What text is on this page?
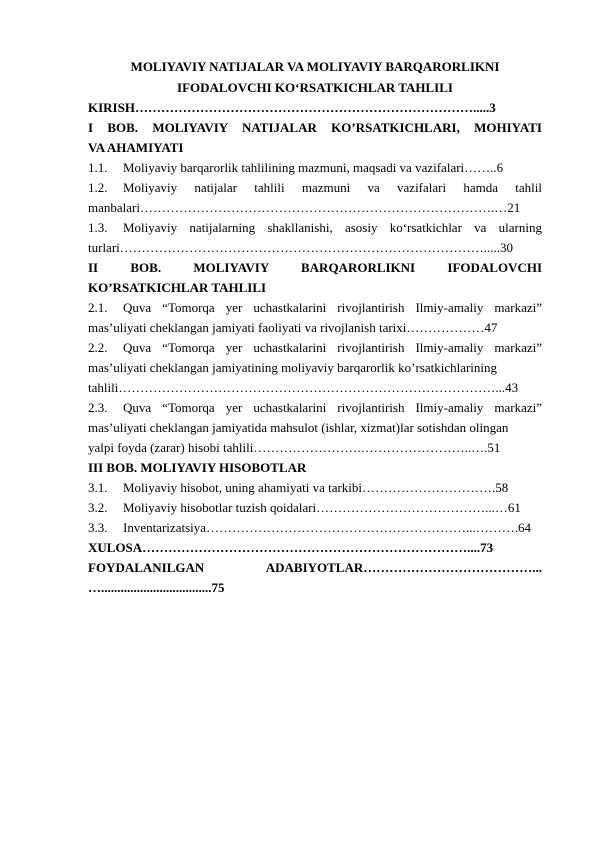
MOLIYAVIY NATIJALAR VA MOLIYAVIY BARQARORLIKNI
IFODALOVCHI KO‘RSATKICHLAR TAHLILI
KIRISH…………………………………………………………………….....3
I BOB. MOLIYAVIY NATIJALAR KO’RSATKICHLARI, MOHIYATI
VA AHAMIYATI
1.1. Moliyaviy barqarorlik tahlilining mazmuni, maqsadi va vazifalari……..6
1.2. Moliyaviy natijalar tahlili mazmuni va vazifalari hamda tahlil
manbalari……………………………………………………………………….…21
1.3. Moliyaviy natijalarning shakllanishi, asosiy ko‘rsatkichlar va ularning
turlari………………………………………………………………………….....30
II BOB. MOLIYAVIY BARQARORLIKNI IFODALOVCHI
KO’RSATKICHLAR TAHLILI
2.1. Quva “Tomorqa yer uchastkalarini rivojlantirish Ilmiy-amaliy markazi”
mas’uliyati cheklangan jamiyati faoliyati va rivojlanish tarixi………………47
2.2. Quva “Tomorqa yer uchastkalarini rivojlantirish Ilmiy-amaliy markazi”
mas’uliyati cheklangan jamiyatining moliyaviy barqarorlik ko’rsatkichlarining
tahlili……………………………………………………………………………...43
2.3. Quva “Tomorqa yer uchastkalarini rivojlantirish Ilmiy-amaliy markazi”
mas’uliyati cheklangan jamiyatida mahsulot (ishlar, xizmat)lar sotishdan olingan
yalpi foyda (zarar) hisobi tahlili…………………….……………………..….51
III BOB. MOLIYAVIY HISOBOTLAR
3.1. Moliyaviy hisobot, uning ahamiyati va tarkibi………………………….58
3.2. Moliyaviy hisobotlar tuzish qoidalari…………………………………...…61
3.3. Inventarizatsiya……………………………………………………...……….64
XULOSA…………………………………………………………………....73
FOYDALANILGAN ADABIYOTLAR…………………………………...
…..................................75
